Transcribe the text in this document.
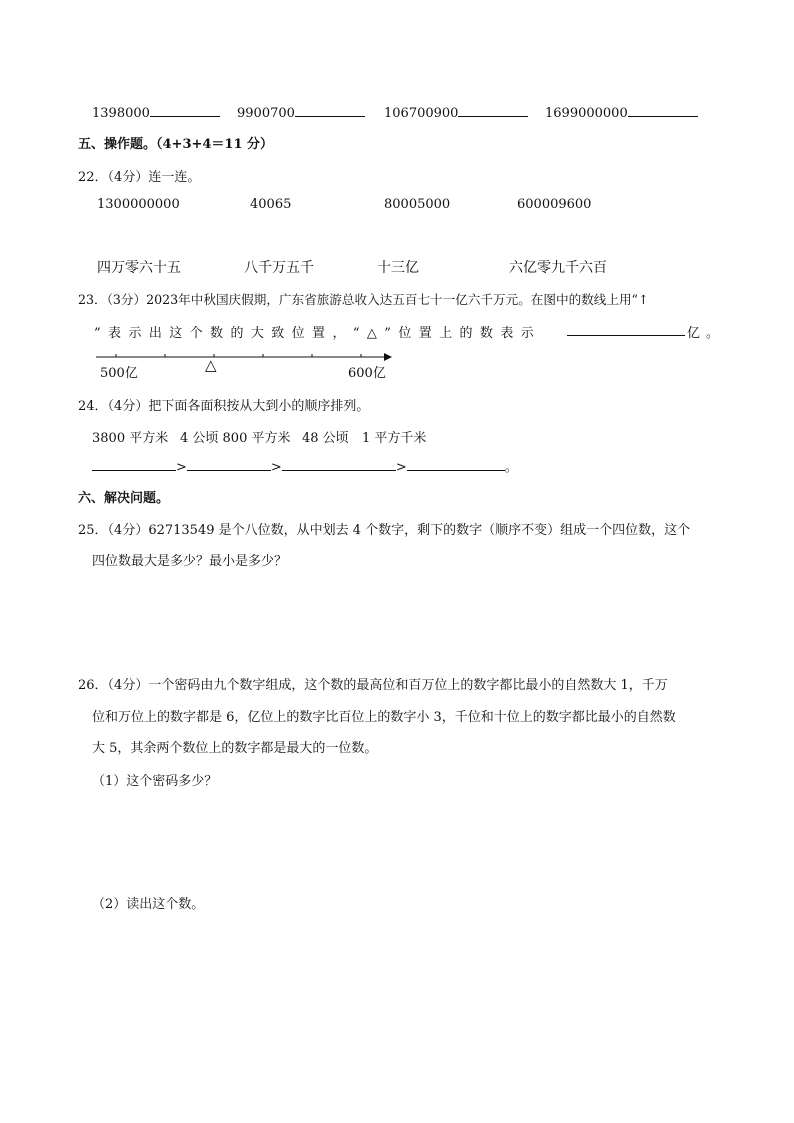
1398000	9900700	106700900	1699000000
五、操作题。（4+3+4＝11 分）
22．（4分）连一连。
1300000000	40065	80005000	600009600
四万零六十五	八千万五千	十三亿	六亿零九千六百
23．（3分）2023年中秋国庆假期，广东省旅游总收入达五百七十一亿六千万元。在图中的数线上用“↑
”表示出这个数的大致位置，“△”位置上的数表示	亿。
△
500亿	600亿
24．（4分）把下面各面积按从大到小的顺序排列。
3800 平方米 4 公顷 800 平方米 48 公顷 1 平方千米
>	>	>	。
六、解决问题。
25．（4分）62713549 是个八位数，从中划去 4 个数字，剩下的数字（顺序不变）组成一个四位数，这个
四位数最大是多少？最小是多少？
26．（4分）一个密码由九个数字组成，这个数的最高位和百万位上的数字都比最小的自然数大 1，千万
位和万位上的数字都是 6，亿位上的数字比百位上的数字小 3，千位和十位上的数字都比最小的自然数
大 5，其余两个数位上的数字都是最大的一位数。
（1）这个密码多少？
（2）读出这个数。
